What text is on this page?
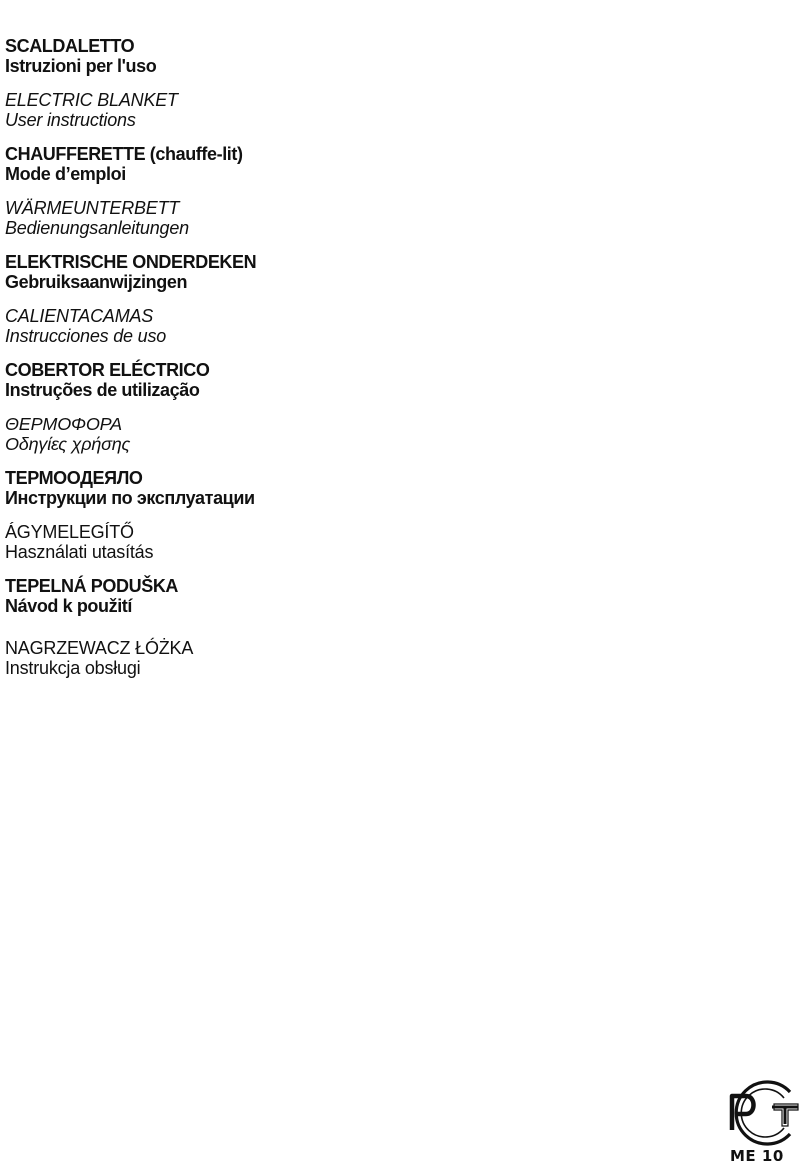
SCALDALETTO
Istruzioni per l'uso
ELECTRIC BLANKET
User instructions
CHAUFFERETTE (chauffe-lit)
Mode d’emploi
WÄRMEUNTERBETT
Bedienungsanleitungen
ELEKTRISCHE ONDERDEKEN
Gebruiksaanwijzingen
CALIENTACAMAS
Instrucciones de uso
COBERTOR ELÉCTRICO
Instruções de utilização
ΘΕΡΜΟΦΟΡΑ
Οδηγίες χρήσης
ТЕРМООДЕЯЛО
Инструкции по эксплуатации
ÁGYMELEGÍTŐ
Használati utasítás
TEPELNÁ PODUŠKA
Návod k použití
NAGRZEWACZ ŁÓŻKA
Instrukcja obsługi
ME 10
